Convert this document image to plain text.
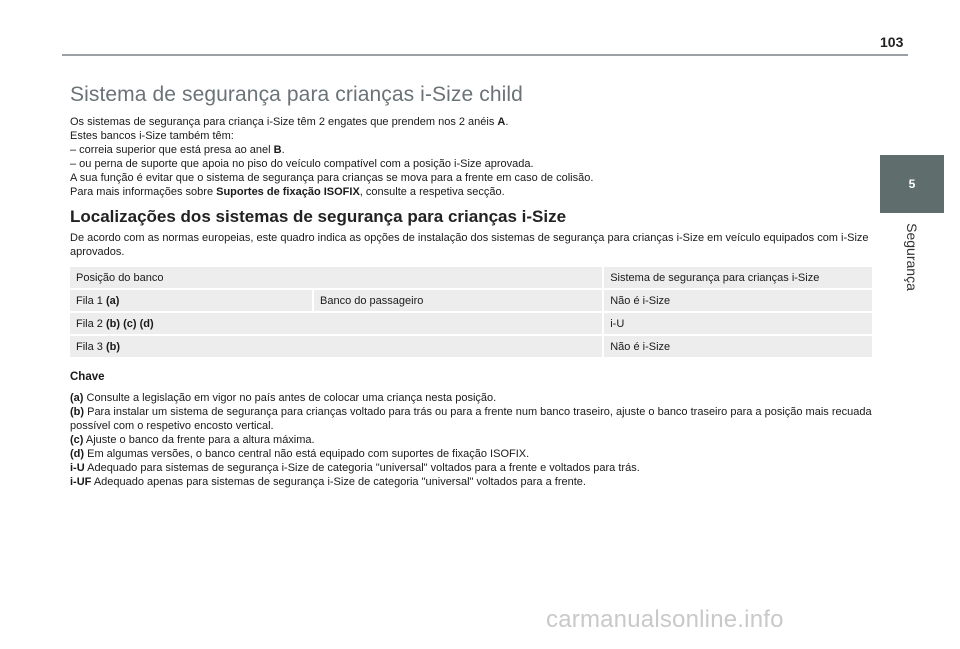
103
5
Segurança
Sistema de segurança para crianças i-Size child

Os sistemas de segurança para criança i-Size têm 2 engates que prendem nos 2 anéis A.

Estes bancos i-Size também têm:

– correia superior que está presa ao anel B.

– ou perna de suporte que apoia no piso do veículo compatível com a posição i-Size aprovada.

A sua função é evitar que o sistema de segurança para crianças se mova para a frente em caso de colisão.

Para mais informações sobre Suportes de fixação ISOFIX, consulte a respetiva secção.

Localizações dos sistemas de segurança para crianças i-Size
De acordo com as normas europeias, este quadro indica as opções de instalação dos sistemas de segurança para crianças i-Size em veículo equipados com i-Size aprovados.
Posição do banco		Sistema de segurança para crianças i-Size
Fila 1 (a)	Banco do passageiro	Não é i-Size
Fila 2 (b) (c) (d)		i-U
Fila 3 (b)		Não é i-Size
Chave

(a) Consulte a legislação em vigor no país antes de colocar uma criança nesta posição.

(b) Para instalar um sistema de segurança para crianças voltado para trás ou para a frente num banco traseiro, ajuste o banco traseiro para a posição mais recuada possível com o respetivo encosto vertical.

(c) Ajuste o banco da frente para a altura máxima.

(d) Em algumas versões, o banco central não está equipado com suportes de fixação ISOFIX.

i-U Adequado para sistemas de segurança i-Size de categoria "universal" voltados para a frente e voltados para trás.

i-UF Adequado apenas para sistemas de segurança i-Size de categoria "universal" voltados para a frente.

carmanualsonline.info
